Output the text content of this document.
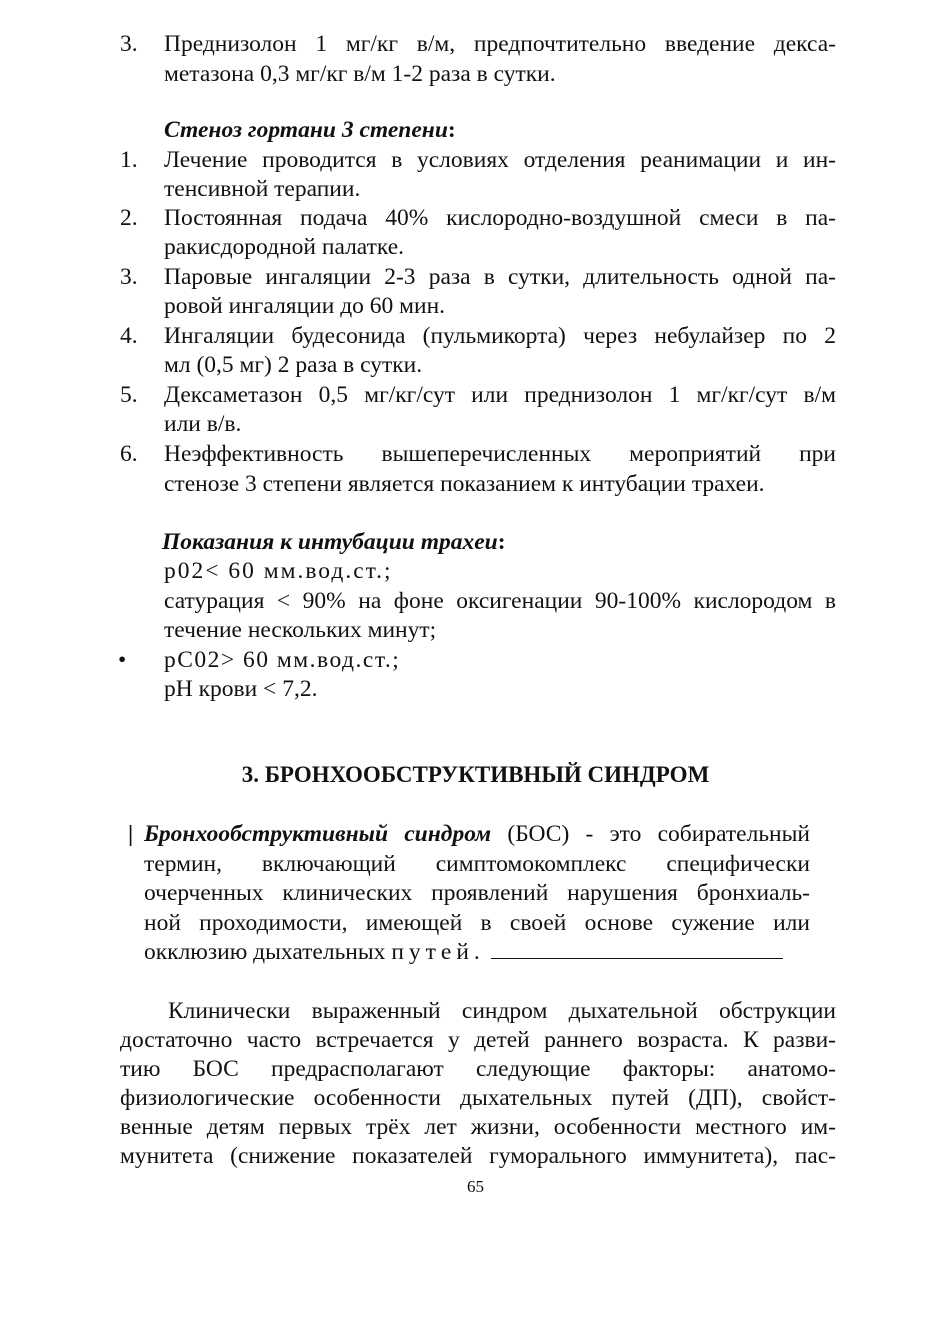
3.	Преднизолон 1 мг/кг в/м, предпочтительно введение декса-
метазона 0,3 мг/кг в/м 1-2 раза в сутки.
Стеноз гортани 3 степени:
1.	Лечение проводится в условиях отделения реанимации и ин-
тенсивной терапии.
2.	Постоянная подача 40% кислородно-воздушной смеси в па-
ракисдородной палатке.
3.	Паровые ингаляции 2-3 раза в сутки, длительность одной па-
ровой ингаляции до 60 мин.
4.	Ингаляции будесонида (пульмикорта) через небулайзер по 2
мл (0,5 мг) 2 раза в сутки.
5.	Дексаметазон 0,5 мг/кг/сут или преднизолон 1 мг/кг/сут в/м
или в/в.
6.	Неэффективность вышеперечисленных мероприятий при
стенозе 3 степени является показанием к интубации трахеи.
Показания к интубации трахеи:
р02< 60 мм.вод.ст.;
сатурация < 90% на фоне оксигенации 90-100% кислородом в
течение нескольких минут;
• рС02> 60 мм.вод.ст.;
рН крови < 7,2.
3. БРОНХООБСТРУКТИВНЫЙ СИНДРОМ
| Бронхообструктивный синдром (БОС) - это собирательный
термин, включающий симптомокомплекс специфически
очерченных клинических проявлений нарушения бронхиаль-
ной проходимости, имеющей в своей основе сужение или
окклюзию дыхательных путей.
Клинически выраженный синдром дыхательной обструкции
достаточно часто встречается у детей раннего возраста. К разви-
тию БОС предрасполагают следующие факторы: анатомо-
физиологические особенности дыхательных путей (ДП), свойст-
венные детям первых трёх лет жизни, особенности местного им-
мунитета (снижение показателей гуморального иммунитета), пас-
65
